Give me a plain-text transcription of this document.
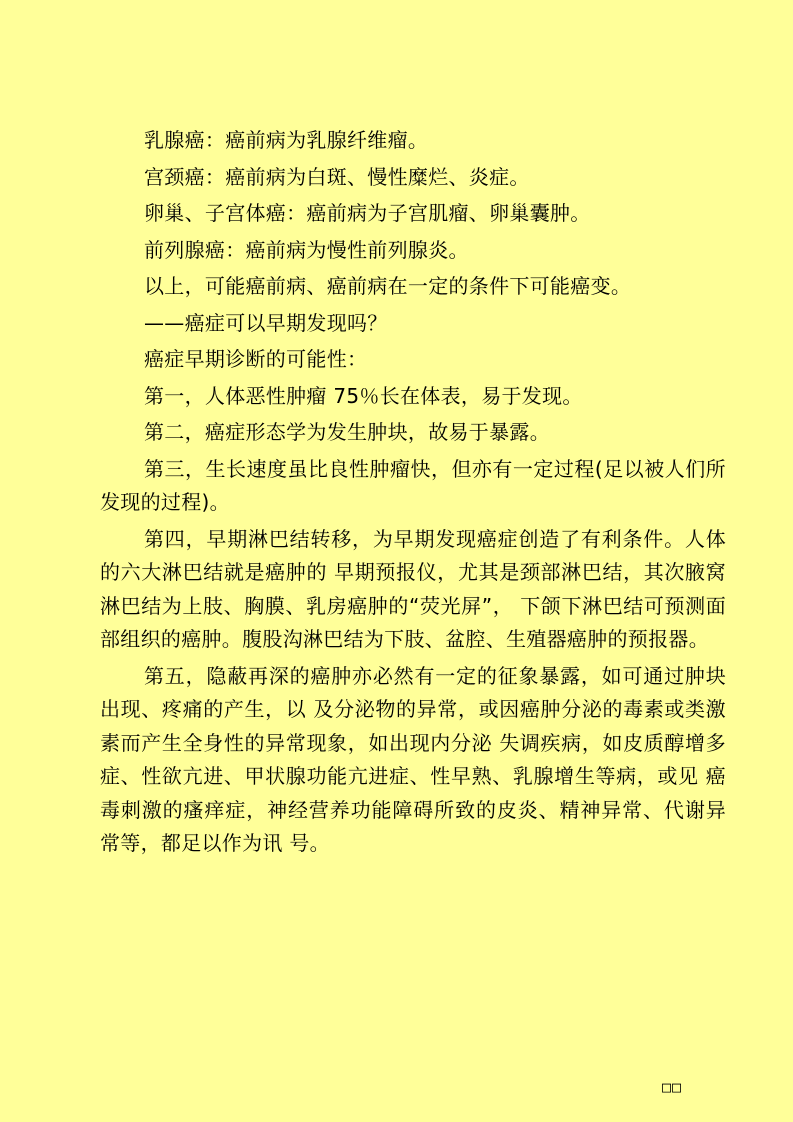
乳腺癌：癌前病为乳腺纤维瘤。

宫颈癌：癌前病为白斑、慢性糜烂、炎症。

卵巢、子宫体癌：癌前病为子宫肌瘤、卵巢囊肿。

前列腺癌：癌前病为慢性前列腺炎。

以上，可能癌前病、癌前病在一定的条件下可能癌变。

——癌症可以早期发现吗？

癌症早期诊断的可能性：

第一，人体恶性肿瘤 75％长在体表，易于发现。

第二，癌症形态学为发生肿块，故易于暴露。

第三，生长速度虽比良性肿瘤快，但亦有一定过程(足以被人们所发现的过程)。

第四，早期淋巴结转移，为早期发现癌症创造了有利条件。人体的六大淋巴结就是癌肿的 早期预报仪，尤其是颈部淋巴结，其次腋窝淋巴结为上肢、胸膜、乳房癌肿的“荧光屏”， 下颌下淋巴结可预测面部组织的癌肿。腹股沟淋巴结为下肢、盆腔、生殖器癌肿的预报器。

第五，隐蔽再深的癌肿亦必然有一定的征象暴露，如可通过肿块出现、疼痛的产生，以 及分泌物的异常，或因癌肿分泌的毒素或类激素而产生全身性的异常现象，如出现内分泌 失调疾病，如皮质醇增多症、性欲亢进、甲状腺功能亢进症、性早熟、乳腺增生等病，或见 癌毒刺激的瘙痒症，神经营养功能障碍所致的皮炎、精神异常、代谢异常等，都足以作为讯 号。

□□
